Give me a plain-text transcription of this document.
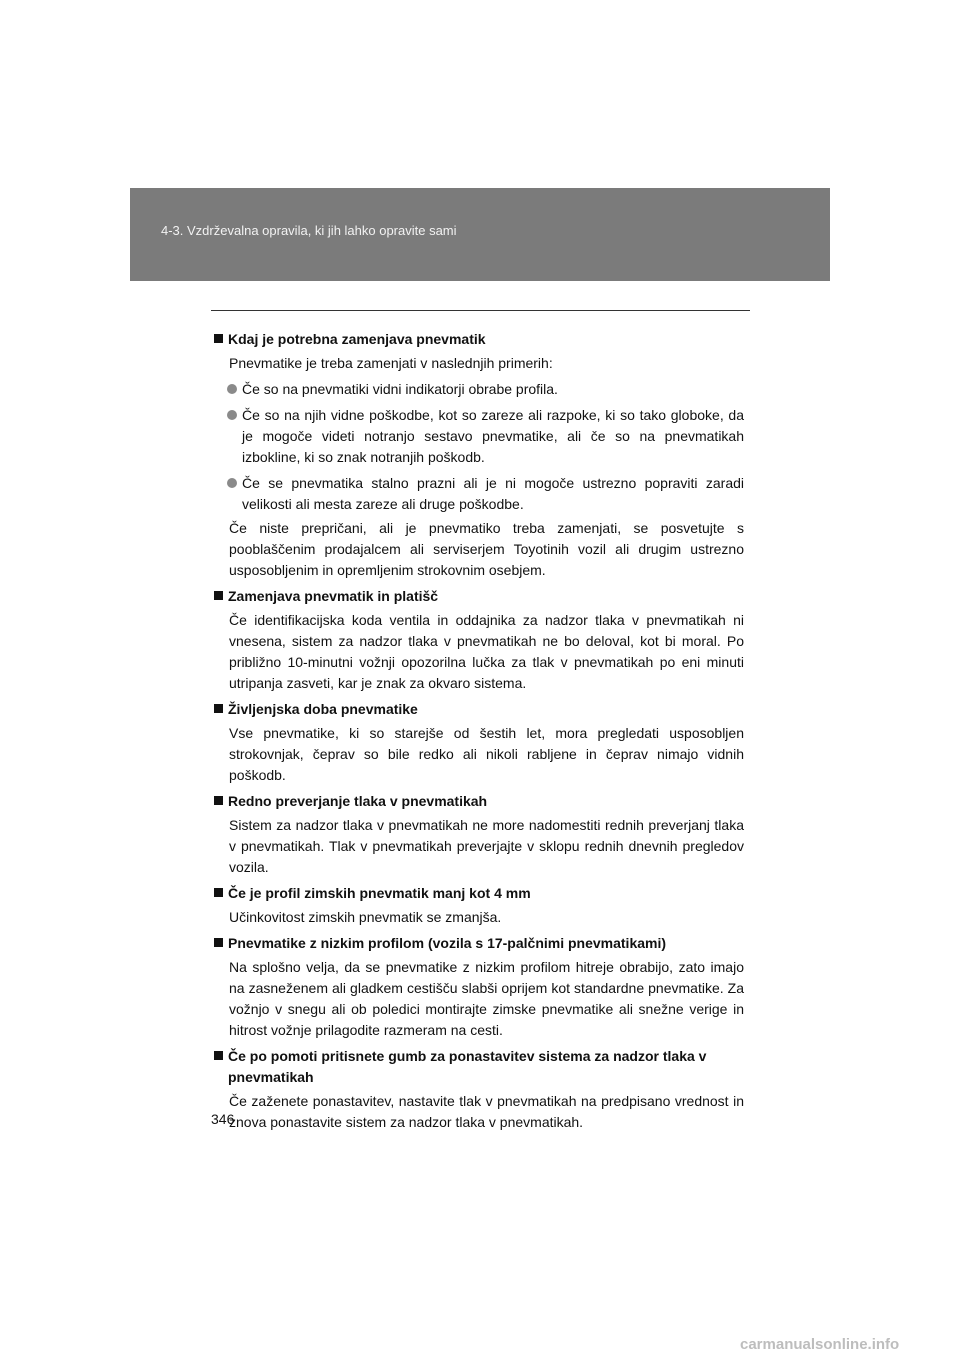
4-3. Vzdrževalna opravila, ki jih lahko opravite sami
Kdaj je potrebna zamenjava pnevmatik
Pnevmatike je treba zamenjati v naslednjih primerih:
Če so na pnevmatiki vidni indikatorji obrabe profila.
Če so na njih vidne poškodbe, kot so zareze ali razpoke, ki so tako globoke, da je mogoče videti notranjo sestavo pnevmatike, ali če so na pnevmatikah izbokline, ki so znak notranjih poškodb.
Če se pnevmatika stalno prazni ali je ni mogoče ustrezno popraviti zaradi velikosti ali mesta zareze ali druge poškodbe.
Če niste prepričani, ali je pnevmatiko treba zamenjati, se posvetujte s pooblaščenim prodajalcem ali serviserjem Toyotinih vozil ali drugim ustrezno usposobljenim in opremljenim strokovnim osebjem.
Zamenjava pnevmatik in platišč
Če identifikacijska koda ventila in oddajnika za nadzor tlaka v pnevmatikah ni vnesena, sistem za nadzor tlaka v pnevmatikah ne bo deloval, kot bi moral. Po približno 10-minutni vožnji opozorilna lučka za tlak v pnevmatikah po eni minuti utripanja zasveti, kar je znak za okvaro sistema.
Življenjska doba pnevmatike
Vse pnevmatike, ki so starejše od šestih let, mora pregledati usposobljen strokovnjak, čeprav so bile redko ali nikoli rabljene in čeprav nimajo vidnih poškodb.
Redno preverjanje tlaka v pnevmatikah
Sistem za nadzor tlaka v pnevmatikah ne more nadomestiti rednih preverjanj tlaka v pnevmatikah. Tlak v pnevmatikah preverjajte v sklopu rednih dnevnih pregledov vozila.
Če je profil zimskih pnevmatik manj kot 4 mm
Učinkovitost zimskih pnevmatik se zmanjša.
Pnevmatike z nizkim profilom (vozila s 17-palčnimi pnevmatikami)
Na splošno velja, da se pnevmatike z nizkim profilom hitreje obrabijo, zato imajo na zasneženem ali gladkem cestišču slabši oprijem kot standardne pnevmatike. Za vožnjo v snegu ali ob poledici montirajte zimske pnevmatike ali snežne verige in hitrost vožnje prilagodite razmeram na cesti.
Če po pomoti pritisnete gumb za ponastavitev sistema za nadzor tlaka v pnevmatikah
Če zaženete ponastavitev, nastavite tlak v pnevmatikah na predpisano vrednost in znova ponastavite sistem za nadzor tlaka v pnevmatikah.
346
carmanualsonline.info
